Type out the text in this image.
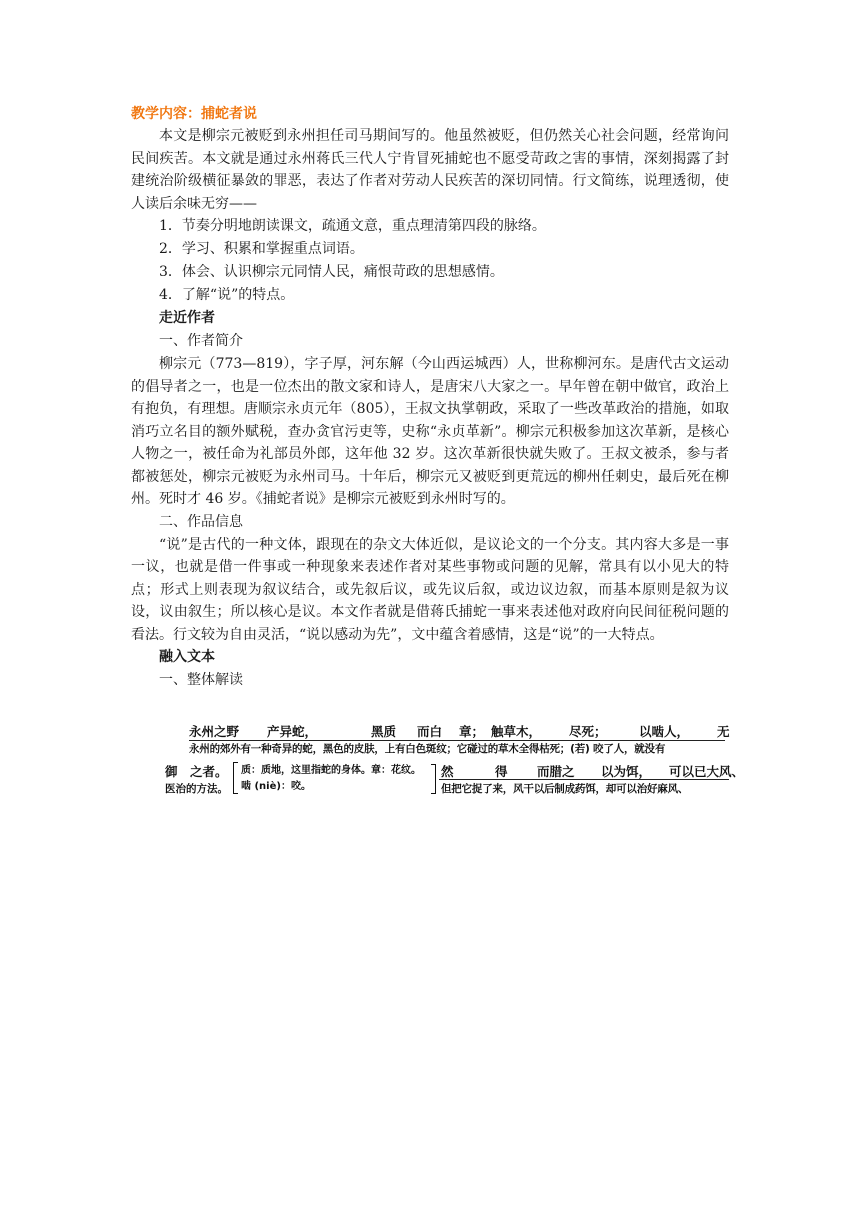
教学内容：捕蛇者说

本文是柳宗元被贬到永州担任司马期间写的。他虽然被贬，但仍然关心社会问题，经常询问民间疾苦。本文就是通过永州蒋氏三代人宁肯冒死捕蛇也不愿受苛政之害的事情，深刻揭露了封建统治阶级横征暴敛的罪恶，表达了作者对劳动人民疾苦的深切同情。行文简练，说理透彻，使人读后余味无穷——

1．节奏分明地朗读课文，疏通文意，重点理清第四段的脉络。

2．学习、积累和掌握重点词语。

3．体会、认识柳宗元同情人民，痛恨苛政的思想感情。

4．了解“说”的特点。

走近作者

一、作者简介

柳宗元（773—819），字子厚，河东解（今山西运城西）人，世称柳河东。是唐代古文运动的倡导者之一，也是一位杰出的散文家和诗人，是唐宋八大家之一。早年曾在朝中做官，政治上有抱负，有理想。唐顺宗永贞元年（805），王叔文执掌朝政，采取了一些改革政治的措施，如取消巧立名目的额外赋税，查办贪官污吏等，史称“永贞革新”。柳宗元积极参加这次革新，是核心人物之一，被任命为礼部员外郎，这年他 32 岁。这次革新很快就失败了。王叔文被杀，参与者都被惩处，柳宗元被贬为永州司马。十年后，柳宗元又被贬到更荒远的柳州任刺史，最后死在柳州。死时才 46 岁。《捕蛇者说》是柳宗元被贬到永州时写的。

二、作品信息

“说”是古代的一种文体，跟现在的杂文大体近似，是议论文的一个分支。其内容大多是一事一议，也就是借一件事或一种现象来表述作者对某些事物或问题的见解，常具有以小见大的特点；形式上则表现为叙议结合，或先叙后议，或先议后叙，或边议边叙，而基本原则是叙为议设，议由叙生；所以核心是议。本文作者就是借蒋氏捕蛇一事来表述他对政府向民间征税问题的看法。行文较为自由灵活，“说以感动为先”，文中蕴含着感情，这是“说”的一大特点。

融入文本

一、整体解读

永州之野 产异蛇，	黑质 而白 章； 触草木， 尽死；	以啮人， 无
永州的郊外有一种奇异的蛇，黑色的皮肤，上有白色斑纹；它碰过的草木全得枯死；(若) 咬了人，就没有
御　之者。 质：质地，这里指蛇的身体。章：花纹。
啮 (niè)：咬。
然	得 而腊之 以为饵， 可以已大风、
医治的方法。	但把它捉了来，风干以后制成药饵，却可以治好麻风、
